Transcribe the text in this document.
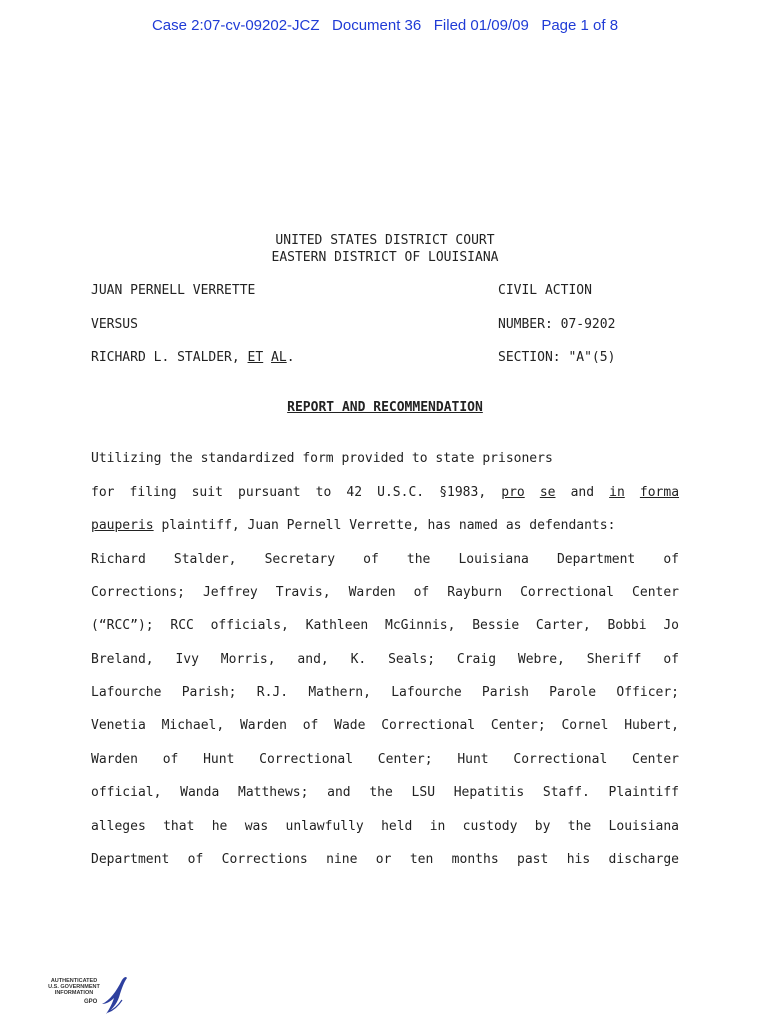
Case 2:07-cv-09202-JCZ   Document 36   Filed 01/09/09   Page 1 of 8
UNITED STATES DISTRICT COURT
EASTERN DISTRICT OF LOUISIANA
JUAN PERNELL VERRETTE	CIVIL ACTION
VERSUS	NUMBER: 07-9202
RICHARD L. STALDER, ET AL.	SECTION: "A"(5)
REPORT AND RECOMMENDATION
Utilizing the standardized form provided to state prisoners
for filing suit pursuant to 42 U.S.C. §1983, pro se and in forma
pauperis plaintiff, Juan Pernell Verrette, has named as defendants:
Richard Stalder, Secretary of the Louisiana Department of
Corrections; Jeffrey Travis, Warden of Rayburn Correctional Center
(“RCC”); RCC officials, Kathleen McGinnis, Bessie Carter, Bobbi Jo
Breland, Ivy Morris, and, K. Seals; Craig Webre, Sheriff of
Lafourche Parish; R.J. Mathern, Lafourche Parish Parole Officer;
Venetia Michael, Warden of Wade Correctional Center; Cornel Hubert,
Warden of Hunt Correctional Center; Hunt Correctional Center
official, Wanda Matthews; and the LSU Hepatitis Staff. Plaintiff
alleges that he was unlawfully held in custody by the Louisiana
Department of Corrections nine or ten months past his discharge
AUTHENTICATED
U.S. GOVERNMENT
INFORMATION
GPO
